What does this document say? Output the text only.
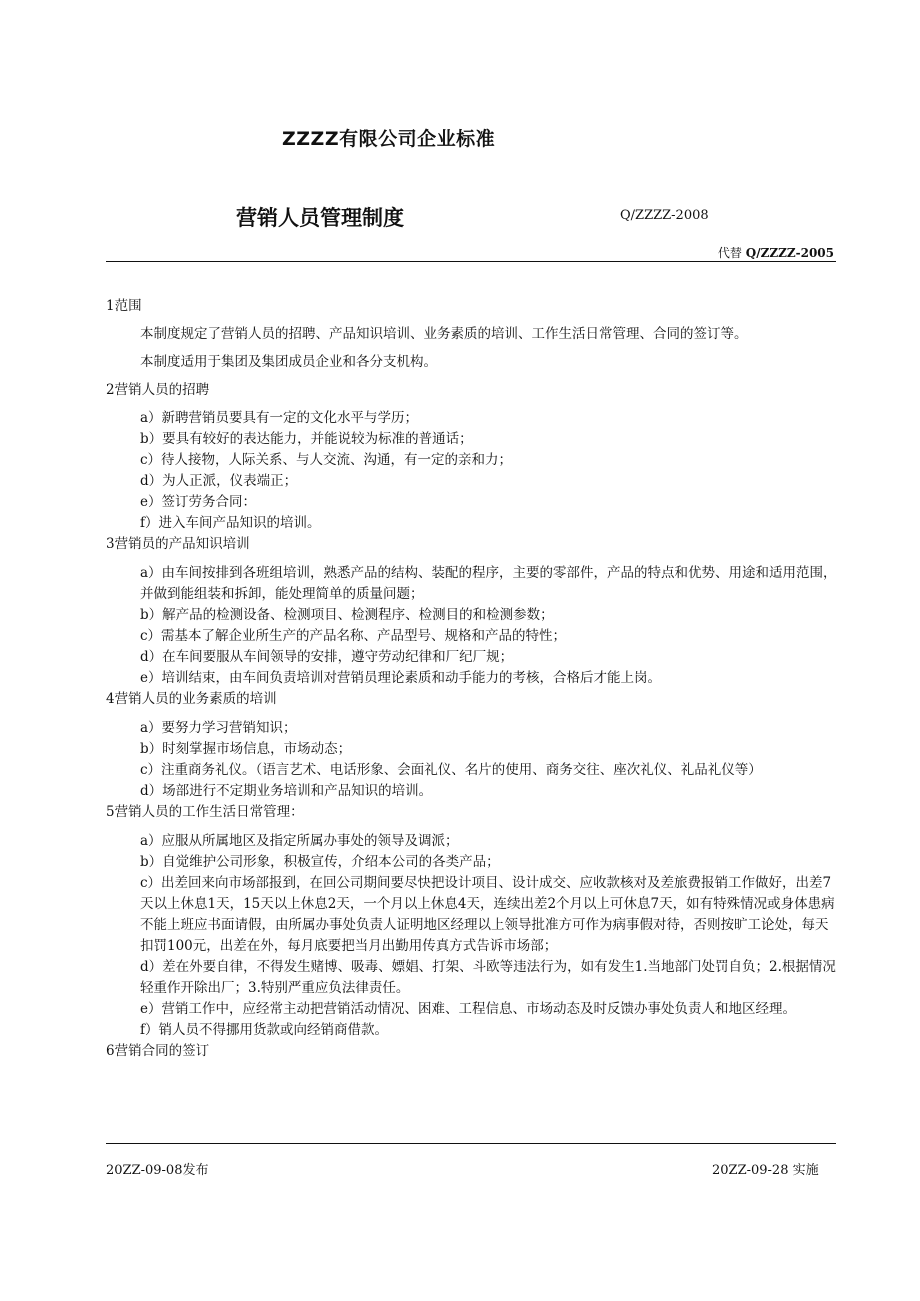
ZZZZ有限公司企业标准
营销人员管理制度	Q/ZZZZ-2008
代替 Q/ZZZZ-2005

1范围

本制度规定了营销人员的招聘、产品知识培训、业务素质的培训、工作生活日常管理、合同的签订等。

本制度适用于集团及集团成员企业和各分支机构。

2营销人员的招聘

a）新聘营销员要具有一定的文化水平与学历；

b）要具有较好的表达能力，并能说较为标准的普通话；

c）待人接物，人际关系、与人交流、沟通，有一定的亲和力；

d）为人正派，仪表端正；

e）签订劳务合同：

f）进入车间产品知识的培训。

3营销员的产品知识培训

a）由车间按排到各班组培训，熟悉产品的结构、装配的程序，主要的零部件，产品的特点和优势、用途和适用范围，并做到能组装和拆卸，能处理简单的质量问题；

b）解产品的检测设备、检测项目、检测程序、检测目的和检测参数；

c）需基本了解企业所生产的产品名称、产品型号、规格和产品的特性；

d）在车间要服从车间领导的安排，遵守劳动纪律和厂纪厂规；

e）培训结束，由车间负责培训对营销员理论素质和动手能力的考核，合格后才能上岗。

4营销人员的业务素质的培训

a）要努力学习营销知识；

b）时刻掌握市场信息，市场动态；

c）注重商务礼仪。（语言艺术、电话形象、会面礼仪、名片的使用、商务交往、座次礼仪、礼品礼仪等）

d）场部进行不定期业务培训和产品知识的培训。

5营销人员的工作生活日常管理：

a）应服从所属地区及指定所属办事处的领导及调派；

b）自觉维护公司形象，积极宣传，介绍本公司的各类产品；

c）出差回来向市场部报到，在回公司期间要尽快把设计项目、设计成交、应收款核对及差旅费报销工作做好，出差7天以上休息1天，15天以上休息2天，一个月以上休息4天，连续出差2个月以上可休息7天，如有特殊情况或身体患病不能上班应书面请假，由所属办事处负责人证明地区经理以上领导批准方可作为病事假对待，否则按旷工论处，每天扣罚100元，出差在外，每月底要把当月出勤用传真方式告诉市场部；

d）差在外要自律，不得发生赌博、吸毒、嫖娼、打架、斗欧等违法行为，如有发生1.当地部门处罚自负；2.根据情况轻重作开除出厂；3.特别严重应负法律责任。

e）营销工作中，应经常主动把营销活动情况、困难、工程信息、市场动态及时反馈办事处负责人和地区经理。

f）销人员不得挪用货款或向经销商借款。

6营销合同的签订

20ZZ-09-08发布	20ZZ-09-28 实施
